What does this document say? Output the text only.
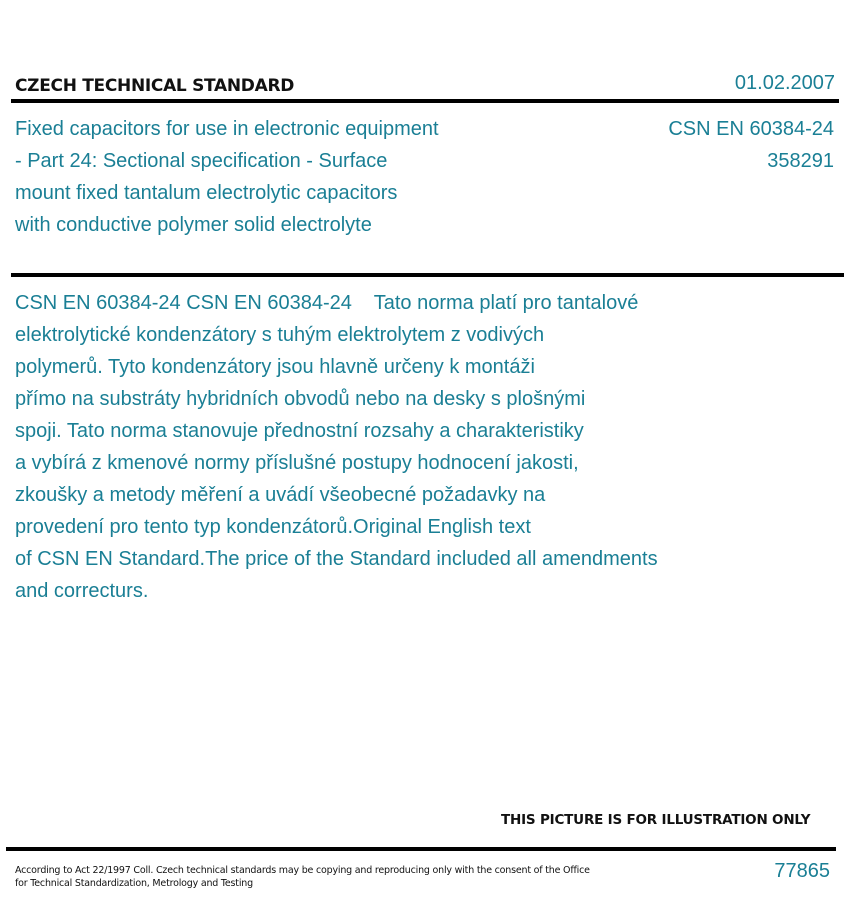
CZECH TECHNICAL STANDARD	01.02.2007
Fixed capacitors for use in electronic equipment
- Part 24: Sectional specification - Surface
mount fixed tantalum electrolytic capacitors
with conductive polymer solid electrolyte
CSN EN 60384-24
358291
CSN EN 60384-24 CSN EN 60384-24    Tato norma platí pro tantalové
elektrolytické kondenzátory s tuhým elektrolytem z vodivých
polymerů. Tyto kondenzátory jsou hlavně určeny k montáži
přímo na substráty hybridních obvodů nebo na desky s plošnými
spoji. Tato norma stanovuje přednostní rozsahy a charakteristiky
a vybírá z kmenové normy příslušné postupy hodnocení jakosti,
zkoušky a metody měření a uvádí všeobecné požadavky na
provedení pro tento typ kondenzátorů.Original English text
of CSN EN Standard.The price of the Standard included all amendments
and correcturs.
THIS PICTURE IS FOR ILLUSTRATION ONLY
According to Act 22/1997 Coll. Czech technical standards may be copying and reproducing only with the consent of the Office
for Technical Standardization, Metrology and Testing
77865
